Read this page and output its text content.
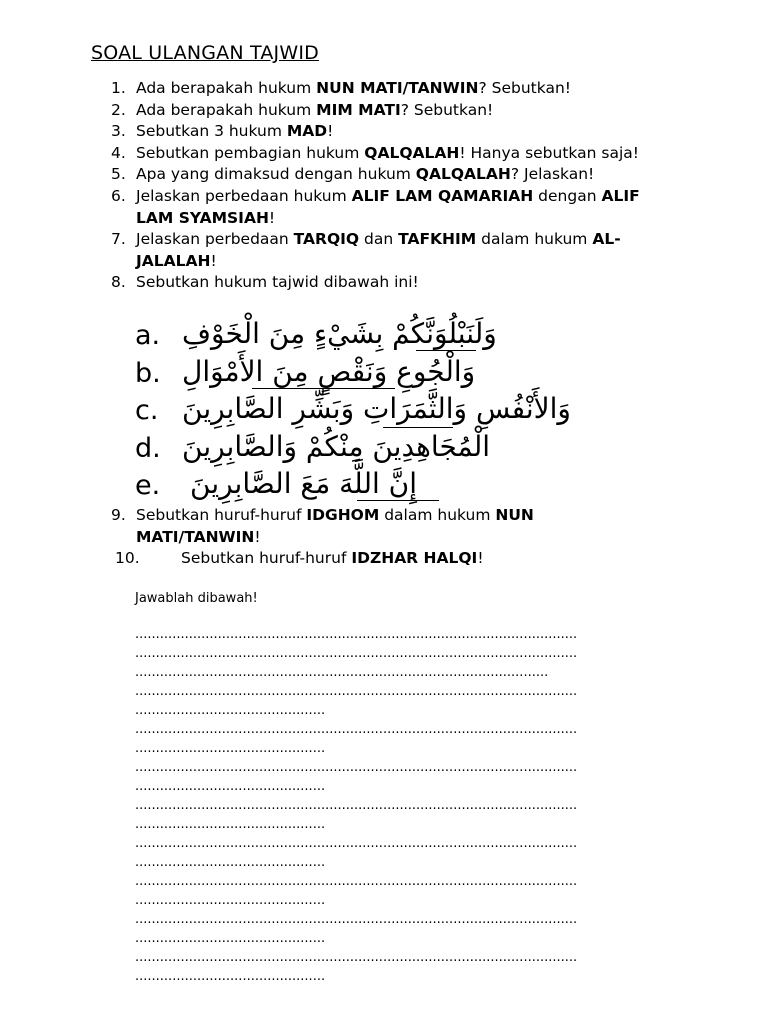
SOAL ULANGAN TAJWID
1. Ada berapakah hukum NUN MATI/TANWIN? Sebutkan!
2. Ada berapakah hukum MIM MATI? Sebutkan!
3. Sebutkan 3 hukum MAD!
4. Sebutkan pembagian hukum QALQALAH! Hanya sebutkan saja!
5. Apa yang dimaksud dengan hukum QALQALAH? Jelaskan!
6. Jelaskan perbedaan hukum ALIF LAM QAMARIAH dengan ALIF LAM SYAMSIAH!
7. Jelaskan perbedaan TARQIQ dan TAFKHIM dalam hukum AL-JALALAH!
8. Sebutkan hukum tajwid dibawah ini!
a. وَلَنَبْلُوَنَّكُمْ بِشَيْءٍ مِنَ الْخَوْفِ
b. وَالْجُوعِ وَنَقْصٍ مِنَ الأَمْوَالِ
c. وَالأَنْفُسِ وَالثَّمَرَاتِ وَبَشِّرِ الصَّابِرِينَ
d. الْمُجَاهِدِينَ مِنْكُمْ وَالصَّابِرِينَ
e. إِنَّ اللَّهَ مَعَ الصَّابِرِينَ
9. Sebutkan huruf-huruf IDGHOM dalam hukum NUN MATI/TANWIN!
10.	Sebutkan huruf-huruf IDZHAR HALQI!
Jawablah dibawah!
...........................................................................................................
...........................................................................................................
....................................................................................................
...........................................................................................................
..............................................
...........................................................................................................
..............................................
...........................................................................................................
..............................................
...........................................................................................................
..............................................
...........................................................................................................
..............................................
...........................................................................................................
..............................................
...........................................................................................................
..............................................
...........................................................................................................
..............................................
